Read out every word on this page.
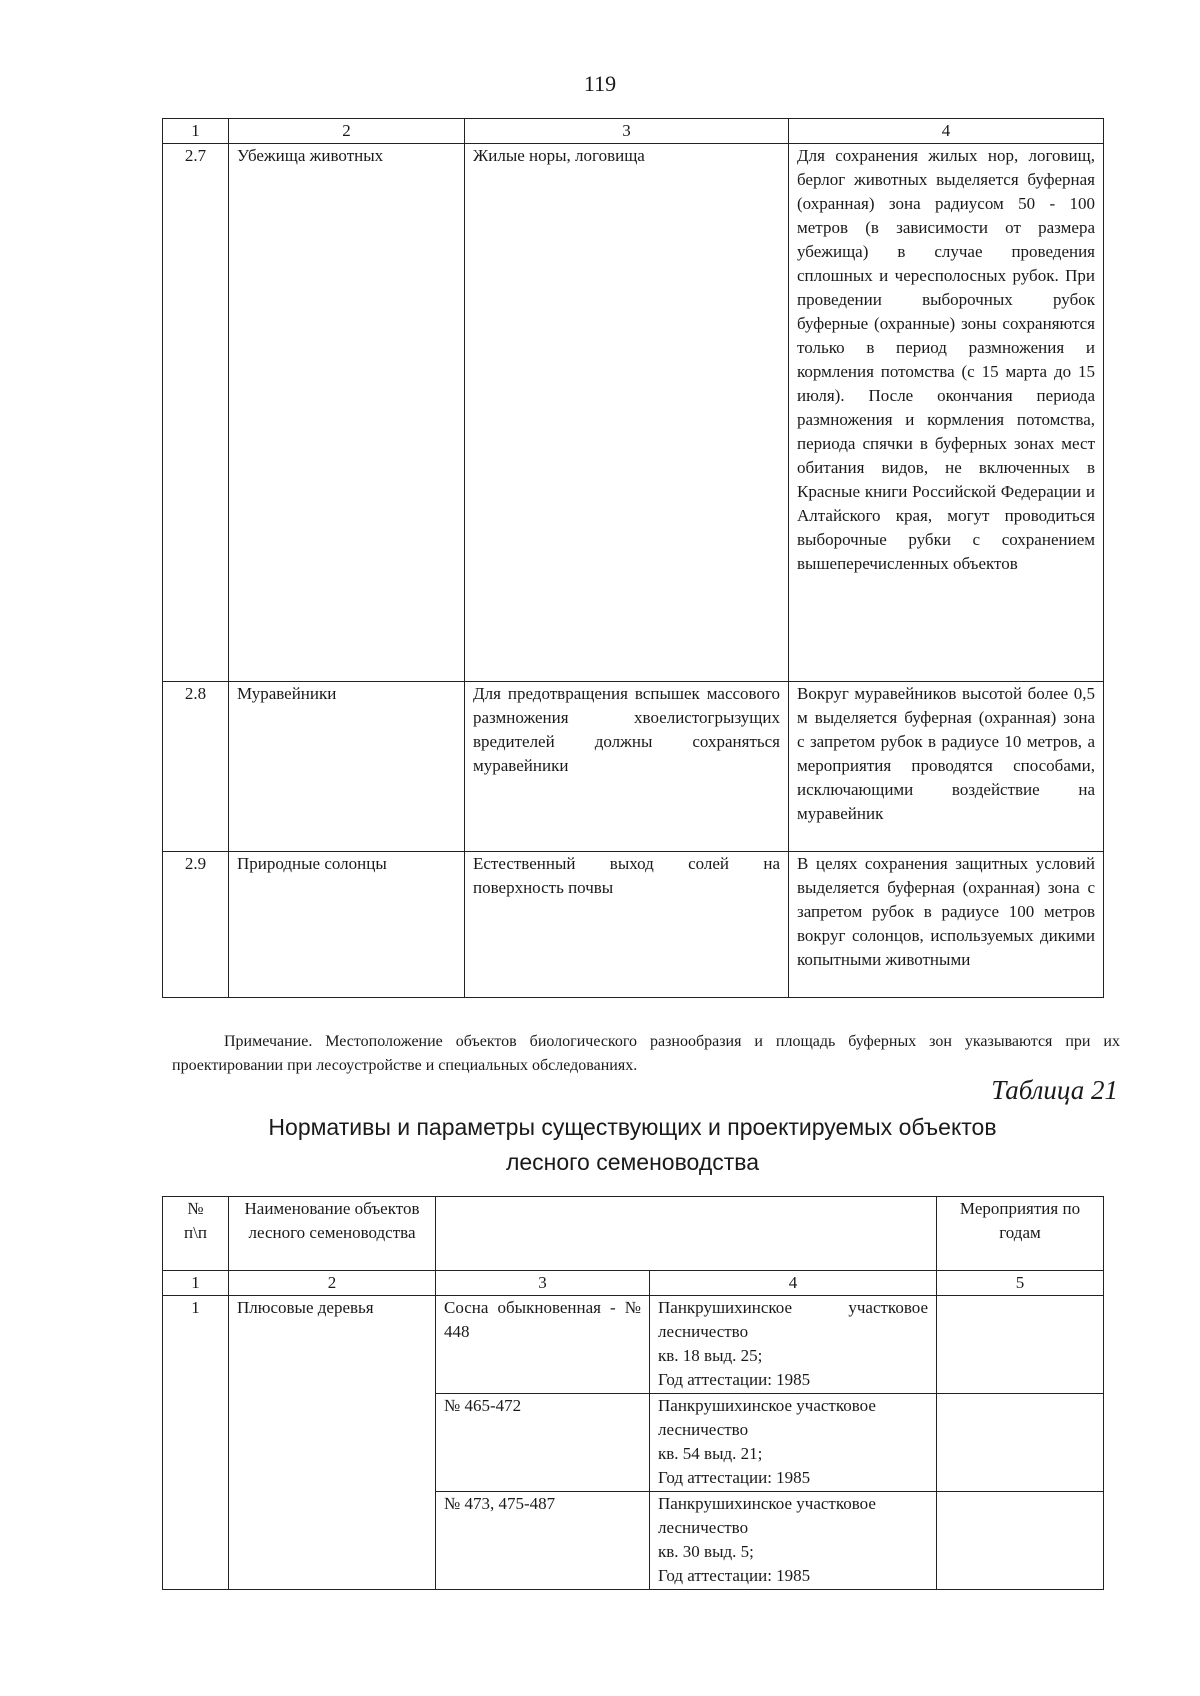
119
1	2	3	4
2.7	Убежища животных	Жилые норы, логовища	Для сохранения жилых нор, логовищ, берлог животных выделяется буферная (охранная) зона радиусом 50 - 100 метров (в зависимости от размера убежища) в случае проведения сплошных и чересполосных рубок. При проведении выборочных рубок буферные (охранные) зоны сохраняются только в период размножения и кормления потомства (с 15 марта до 15 июля). После окончания периода размножения и кормления потомства, периода спячки в буферных зонах мест обитания видов, не включенных в Красные книги Российской Федерации и Алтайского края, могут проводиться выборочные рубки с сохранением вышеперечисленных объектов
2.8	Муравейники	Для предотвращения вспышек массового размножения хвоелистогрызущих вредителей должны сохраняться муравейники	Вокруг муравейников высотой более 0,5 м выделяется буферная (охранная) зона с запретом рубок в радиусе 10 метров, а мероприятия проводятся способами, исключающими воздействие на муравейник
2.9	Природные солонцы	Естественный выход солей на поверхность почвы	В целях сохранения защитных условий выделяется буферная (охранная) зона с запретом рубок в радиусе 100 метров вокруг солонцов, используемых дикими копытными животными
Примечание. Местоположение объектов биологического разнообразия и площадь буферных зон указываются при их проектировании при лесоустройстве и специальных обследованиях.
Таблица 21
Нормативы и параметры существующих и проектируемых объектов
лесного семеноводства
№
п\п	Наименование объектов лесного семеноводства			Мероприятия по годам
1	2	3	4	5
1	Плюсовые деревья	Сосна обыкновенная - № 448	Панкрушихинское участковое лесничество
кв. 18 выд. 25;
Год аттестации: 1985	

		№ 465-472	Панкрушихинское участковое лесничество
кв. 54 выд. 21;
Год аттестации: 1985	

		№ 473, 475-487	Панкрушихинское участковое лесничество
кв. 30 выд. 5;
Год аттестации: 1985	
